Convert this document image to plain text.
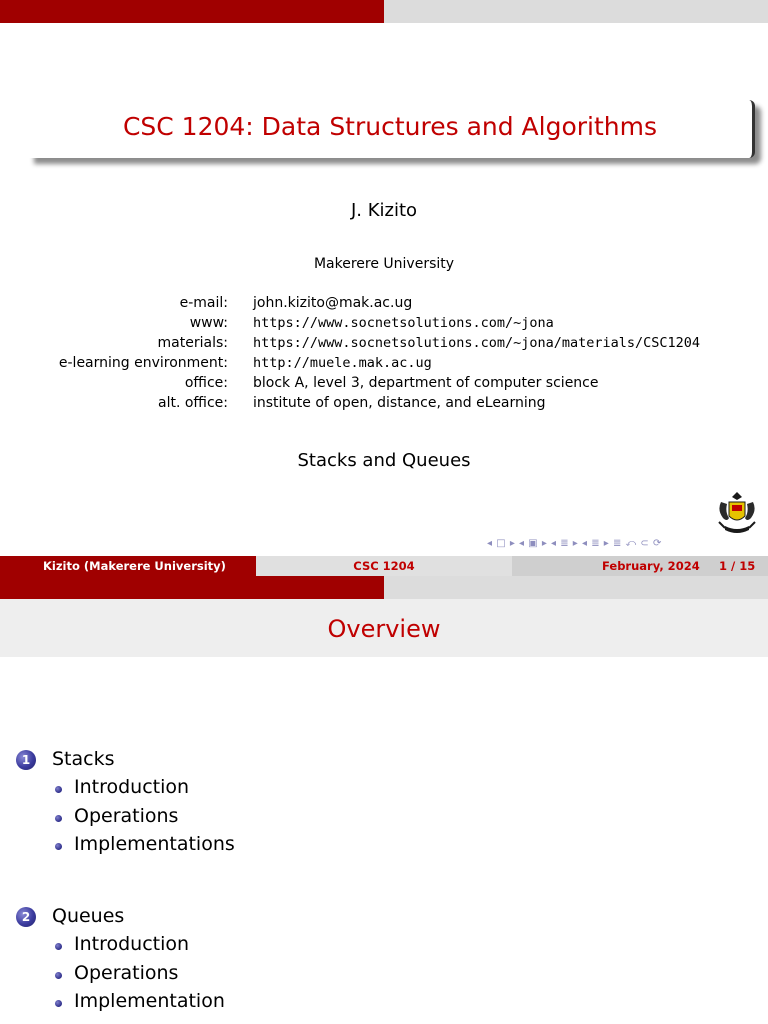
CSC 1204: Data Structures and Algorithms
J. Kizito
Makerere University
e-mail: john.kizito@mak.ac.ug
www: https://www.socnetsolutions.com/~jona
materials: https://www.socnetsolutions.com/~jona/materials/CSC1204
e-learning environment: http://muele.mak.ac.ug
office: block A, level 3, department of computer science
alt. office: institute of open, distance, and eLearning
Stacks and Queues
◂ □ ▸ ◂ ▣ ▸ ◂ ≣ ▸ ◂ ≣ ▸ ≣ ⤺ ⊂ ⟳
Kizito (Makerere University)	CSC 1204	February, 2024 1 / 15
Overview
1	Stacks
Introduction
Operations
Implementations
2	Queues
Introduction
Operations
Implementation
